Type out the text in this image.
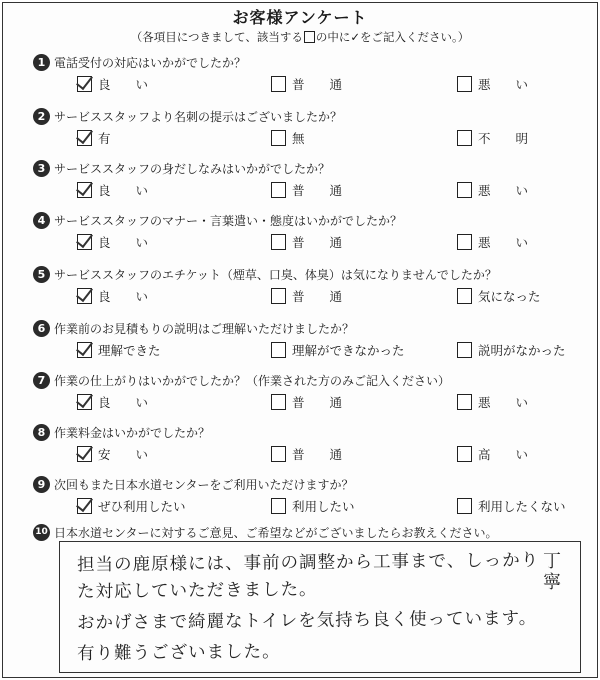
お客様アンケート
（各項目につきまして、該当する の中に✓をご記入ください。）
1 電話受付の対応はいかがでしたか？
良　　い	普　　通	悪　　い
2 サービススタッフより名刺の提示はございましたか？
有	無	不　　明
3 サービススタッフの身だしなみはいかがでしたか？
良　　い	普　　通	悪　　い
4 サービススタッフのマナー・言葉遣い・態度はいかがでしたか？
良　　い	普　　通	悪　　い
5 サービススタッフのエチケット（煙草、口臭、体臭）は気になりませんでしたか？
良　　い	普　　通	気になった
6 作業前のお見積もりの説明はご理解いただけましたか？
理解できた	理解ができなかった	説明がなかった
7 作業の仕上がりはいかがでしたか？（作業された方のみご記入ください）
良　　い	普　　通	悪　　い
8 作業料金はいかがでしたか？
安　　い	普　　通	高　　い
9 次回もまた日本水道センターをご利用いただけますか？
ぜひ利用したい	利用したい	利用したくない
10 日本水道センターに対するご意見、ご希望などがございましたらお教えください。
担当の鹿原様には、事前の調整から工事まで、しっかり
た対応していただきました。
おかげさまで綺麗なトイレを気持ち良く使っています。
有り難うございました。
丁寧
